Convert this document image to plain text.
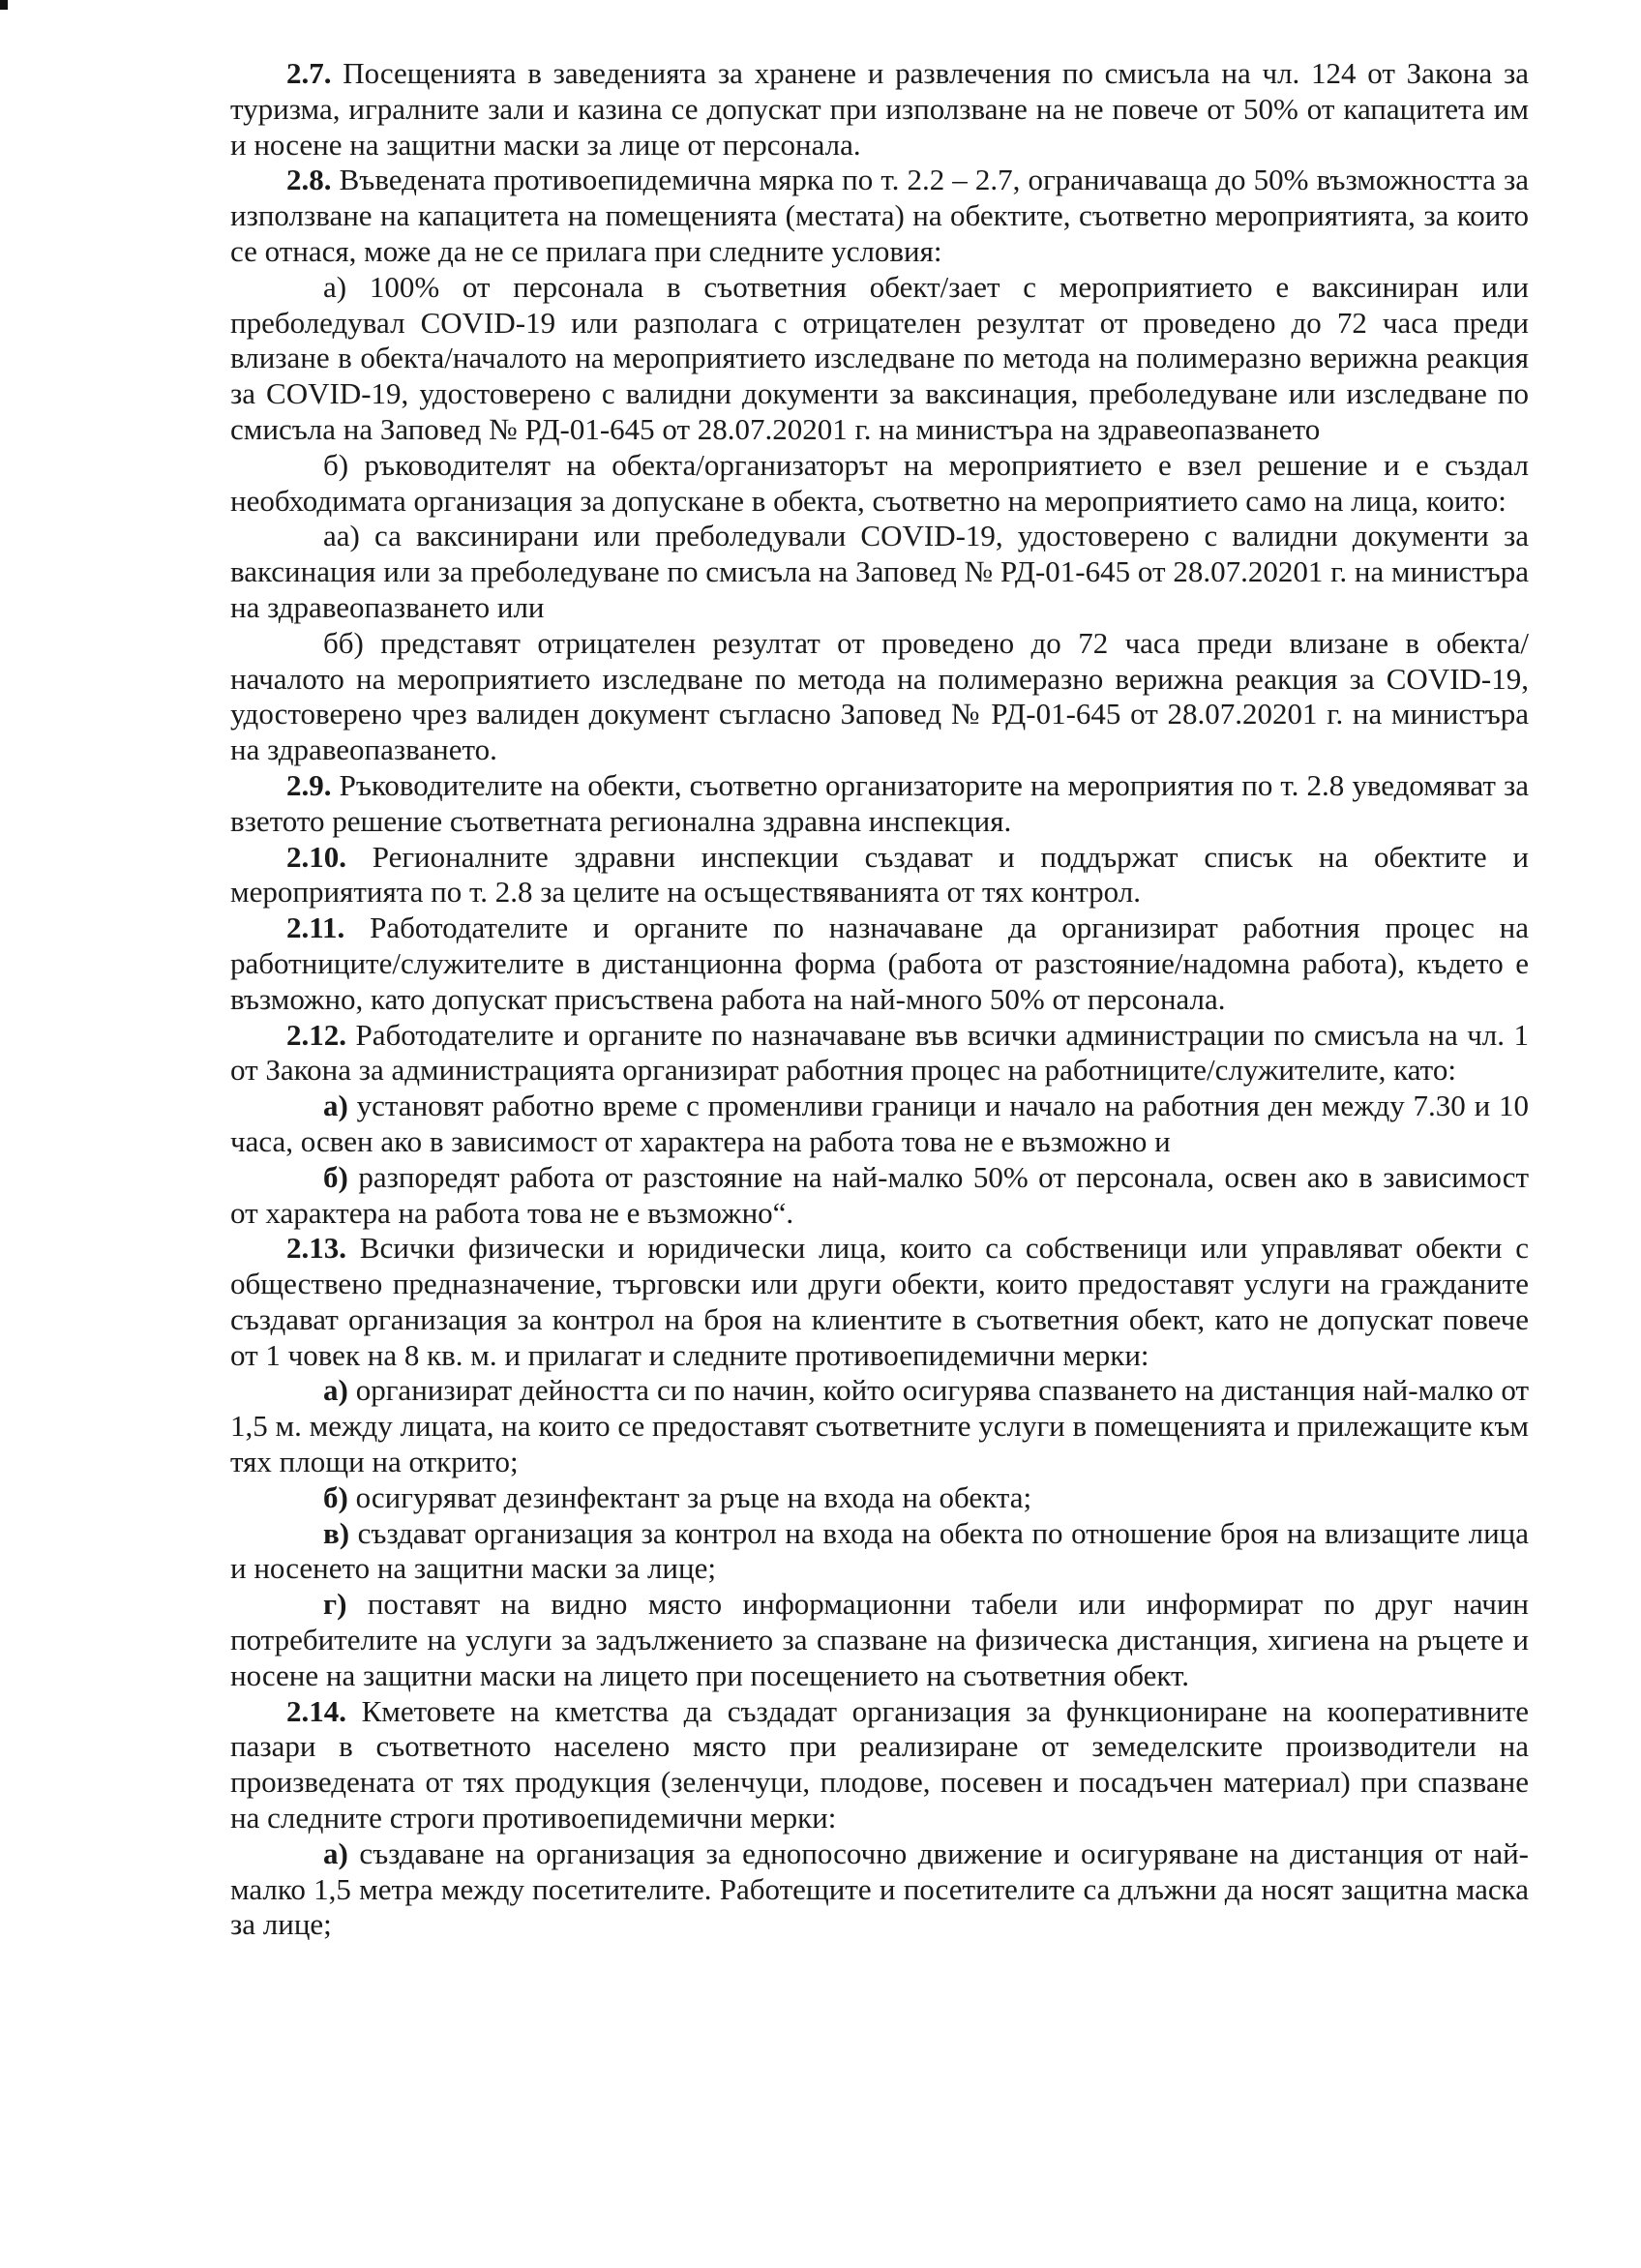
2.7. Посещенията в заведенията за хранене и развлечения по смисъла на чл. 124 от Закона за туризма, игралните зали и казина се допускат при използване на не повече от 50% от капацитета им и носене на защитни маски за лице от персонала.

2.8. Въведената противоепидемична мярка по т. 2.2 – 2.7, ограничаваща до 50% възможността за използване на капацитета на помещенията (местата) на обектите, съответно мероприятията, за които се отнася, може да не се прилага при следните условия:

а) 100% от персонала в съответния обект/зает с мероприятието е ваксиниран или преболедувал COVID-19 или разполага с отрицателен резултат от проведено до 72 часа преди влизане в обекта/началото на мероприятието изследване по метода на полимеразно верижна реакция за COVID-19, удостоверено с валидни документи за ваксинация, преболедуване или изследване по смисъла на Заповед № РД-01-645 от 28.07.20201 г. на министъра на здравеопазването

б) ръководителят на обекта/организаторът на мероприятието е взел решение и е създал необходимата организация за допускане в обекта, съответно на мероприятието само на лица, които:

аа) са ваксинирани или преболедували COVID-19, удостоверено с валидни документи за ваксинация или за преболедуване по смисъла на Заповед № РД-01-645 от 28.07.20201 г. на министъра на здравеопазването или

бб) представят отрицателен резултат от проведено до 72 часа преди влизане в обекта/началото на мероприятието изследване по метода на полимеразно верижна реакция за COVID-19, удостоверено чрез валиден документ съгласно Заповед № РД-01-645 от 28.07.20201 г. на министъра на здравеопазването.

2.9. Ръководителите на обекти, съответно организаторите на мероприятия по т. 2.8 уведомяват за взетото решение съответната регионална здравна инспекция.

2.10. Регионалните здравни инспекции създават и поддържат списък на обектите и мероприятията по т. 2.8 за целите на осъществяванията от тях контрол.

2.11. Работодателите и органите по назначаване да организират работния процес на работниците/служителите в дистанционна форма (работа от разстояние/надомна работа), където е възможно, като допускат присъствена работа на най-много 50% от персонала.

2.12. Работодателите и органите по назначаване във всички администрации по смисъла на чл. 1 от Закона за администрацията организират работния процес на работниците/служителите, като:

а) установят работно време с променливи граници и начало на работния ден между 7.30 и 10 часа, освен ако в зависимост от характера на работа това не е възможно и

б) разпоредят работа от разстояние на най-малко 50% от персонала, освен ако в зависимост от характера на работа това не е възможно“.

2.13. Всички физически и юридически лица, които са собственици или управляват обекти с обществено предназначение, търговски или други обекти, които предоставят услуги на гражданите създават организация за контрол на броя на клиентите в съответния обект, като не допускат повече от 1 човек на 8 кв. м. и прилагат и следните противоепидемични мерки:

а) организират дейността си по начин, който осигурява спазването на дистанция най-малко от 1,5 м. между лицата, на които се предоставят съответните услуги в помещенията и прилежащите към тях площи на открито;

б) осигуряват дезинфектант за ръце на входа на обекта;

в) създават организация за контрол на входа на обекта по отношение броя на влизащите лица и носенето на защитни маски за лице;

г) поставят на видно място информационни табели или информират по друг начин потребителите на услуги за задължението за спазване на физическа дистанция, хигиена на ръцете и носене на защитни маски на лицето при посещението на съответния обект.

2.14. Кметовете на кметства да създадат организация за функциониране на кооперативните пазари в съответното населено място при реализиране от земеделските производители на произведената от тях продукция (зеленчуци, плодове, посевен и посадъчен материал) при спазване на следните строги противоепидемични мерки:

а) създаване на организация за еднопосочно движение и осигуряване на дистанция от най-малко 1,5 метра между посетителите. Работещите и посетителите са длъжни да носят защитна маска за лице;
